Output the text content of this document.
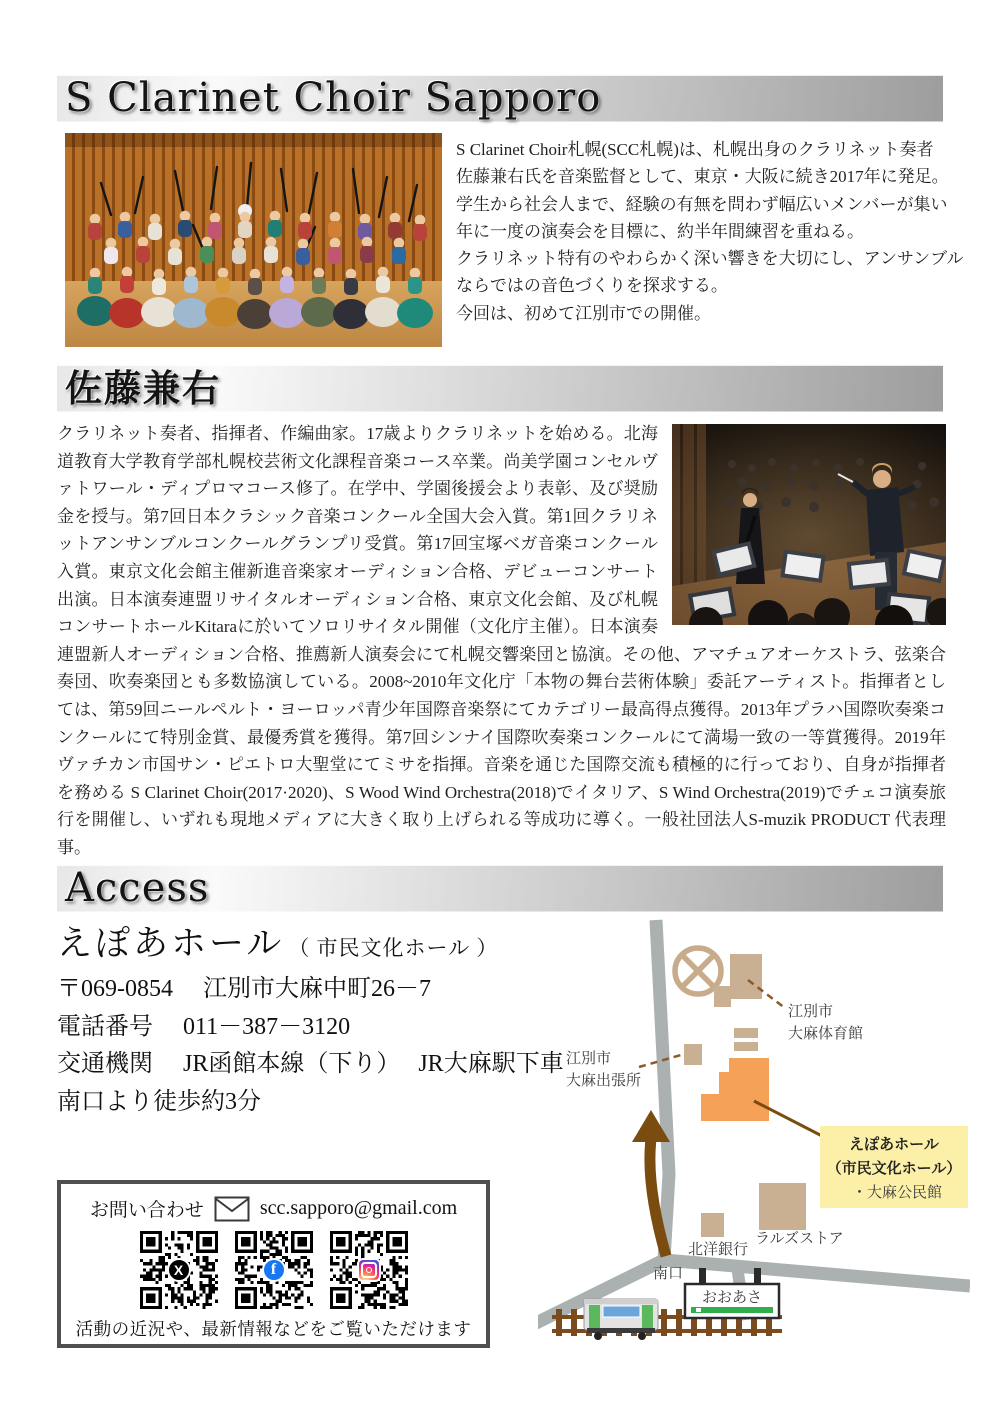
S Clarinet Choir Sapporo
S Clarinet Choir札幌(SCC札幌)は、札幌出身のクラリネット奏者
佐藤兼右氏を音楽監督として、東京・大阪に続き2017年に発足。
学生から社会人まで、経験の有無を問わず幅広いメンバーが集い
年に一度の演奏会を目標に、約半年間練習を重ねる。
クラリネット特有のやわらかく深い響きを大切にし、アンサンブル
ならではの音色づくりを探求する。
今回は、初めて江別市での開催。
佐藤兼右
クラリネット奏者、指揮者、作編曲家。17歳よりクラリネットを始める。北海道教育大学教育学部札幌校芸術文化課程音楽コース卒業。尚美学園コンセルヴァトワール・ディプロマコース修了。在学中、学園後援会より表彰、及び奨励金を授与。第7回日本クラシック音楽コンクール全国大会入賞。第1回クラリネットアンサンブルコンクールグランプリ受賞。第17回宝塚ベガ音楽コンクール入賞。東京文化会館主催新進音楽家オーディション合格、デビューコンサート出演。日本演奏連盟リサイタルオーディション合格、東京文化会館、及び札幌コンサートホールKitaraに於いてソロリサイタル開催（文化庁主催）。日本演奏連盟新人オーディション合格、推薦新人演奏会にて札幌交響楽団と協演。その他、アマチュアオーケストラ、弦楽合奏団、吹奏楽団とも多数協演している。2008~2010年文化庁「本物の舞台芸術体験」委託アーティスト。指揮者としては、第59回ニールペルト・ヨーロッパ青少年国際音楽祭にてカテゴリー最高得点獲得。2013年プラハ国際吹奏楽コンクールにて特別金賞、最優秀賞を獲得。第7回シンナイ国際吹奏楽コンクールにて満場一致の一等賞獲得。2019年ヴァチカン市国サン・ピエトロ大聖堂にてミサを指揮。音楽を通じた国際交流も積極的に行っており、自身が指揮者を務める S Clarinet Choir(2017·2020)、S Wood Wind Orchestra(2018)でイタリア、S Wind Orchestra(2019)でチェコ演奏旅行を開催し、いずれも現地メディアに大きく取り上げられる等成功に導く。一般社団法人S-muzik PRODUCT 代表理事。
Access
えぽあホール （ 市民文化ホール ）
〒069-0854　 江別市大麻中町26－7
電話番号　 011－387－3120
交通機関　 JR函館本線（下り）　 JR大麻駅下車
南口より徒歩約3分
お問い合わせ	scc.sapporo@gmail.com
X	f
活動の近況や、最新情報などをご覧いただけます
江別市
大麻体育館
江別市
大麻出張所
えぽあホール
（市民文化ホール）
・大麻公民館
北洋銀行
ラルズストア
南口
おおあさ
